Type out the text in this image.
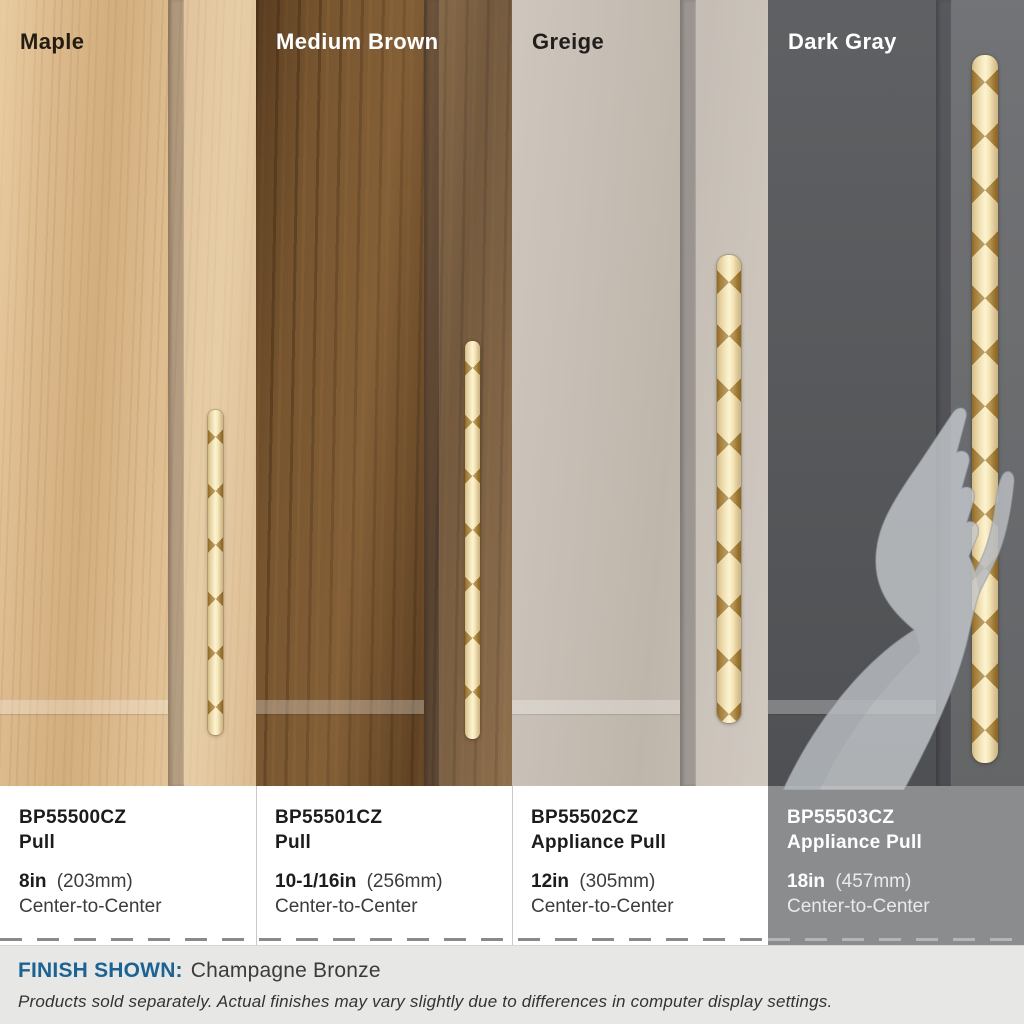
Maple	Medium Brown	Greige	Dark Gray
BP55500CZ
Pull
8in (203mm)
Center-to-Center
BP55501CZ
Pull
10-1/16in (256mm)
Center-to-Center
BP55502CZ
Appliance Pull
12in (305mm)
Center-to-Center
BP55503CZ
Appliance Pull
18in (457mm)
Center-to-Center
FINISH SHOWN: Champagne Bronze
Products sold separately. Actual finishes may vary slightly due to differences in computer display settings.
